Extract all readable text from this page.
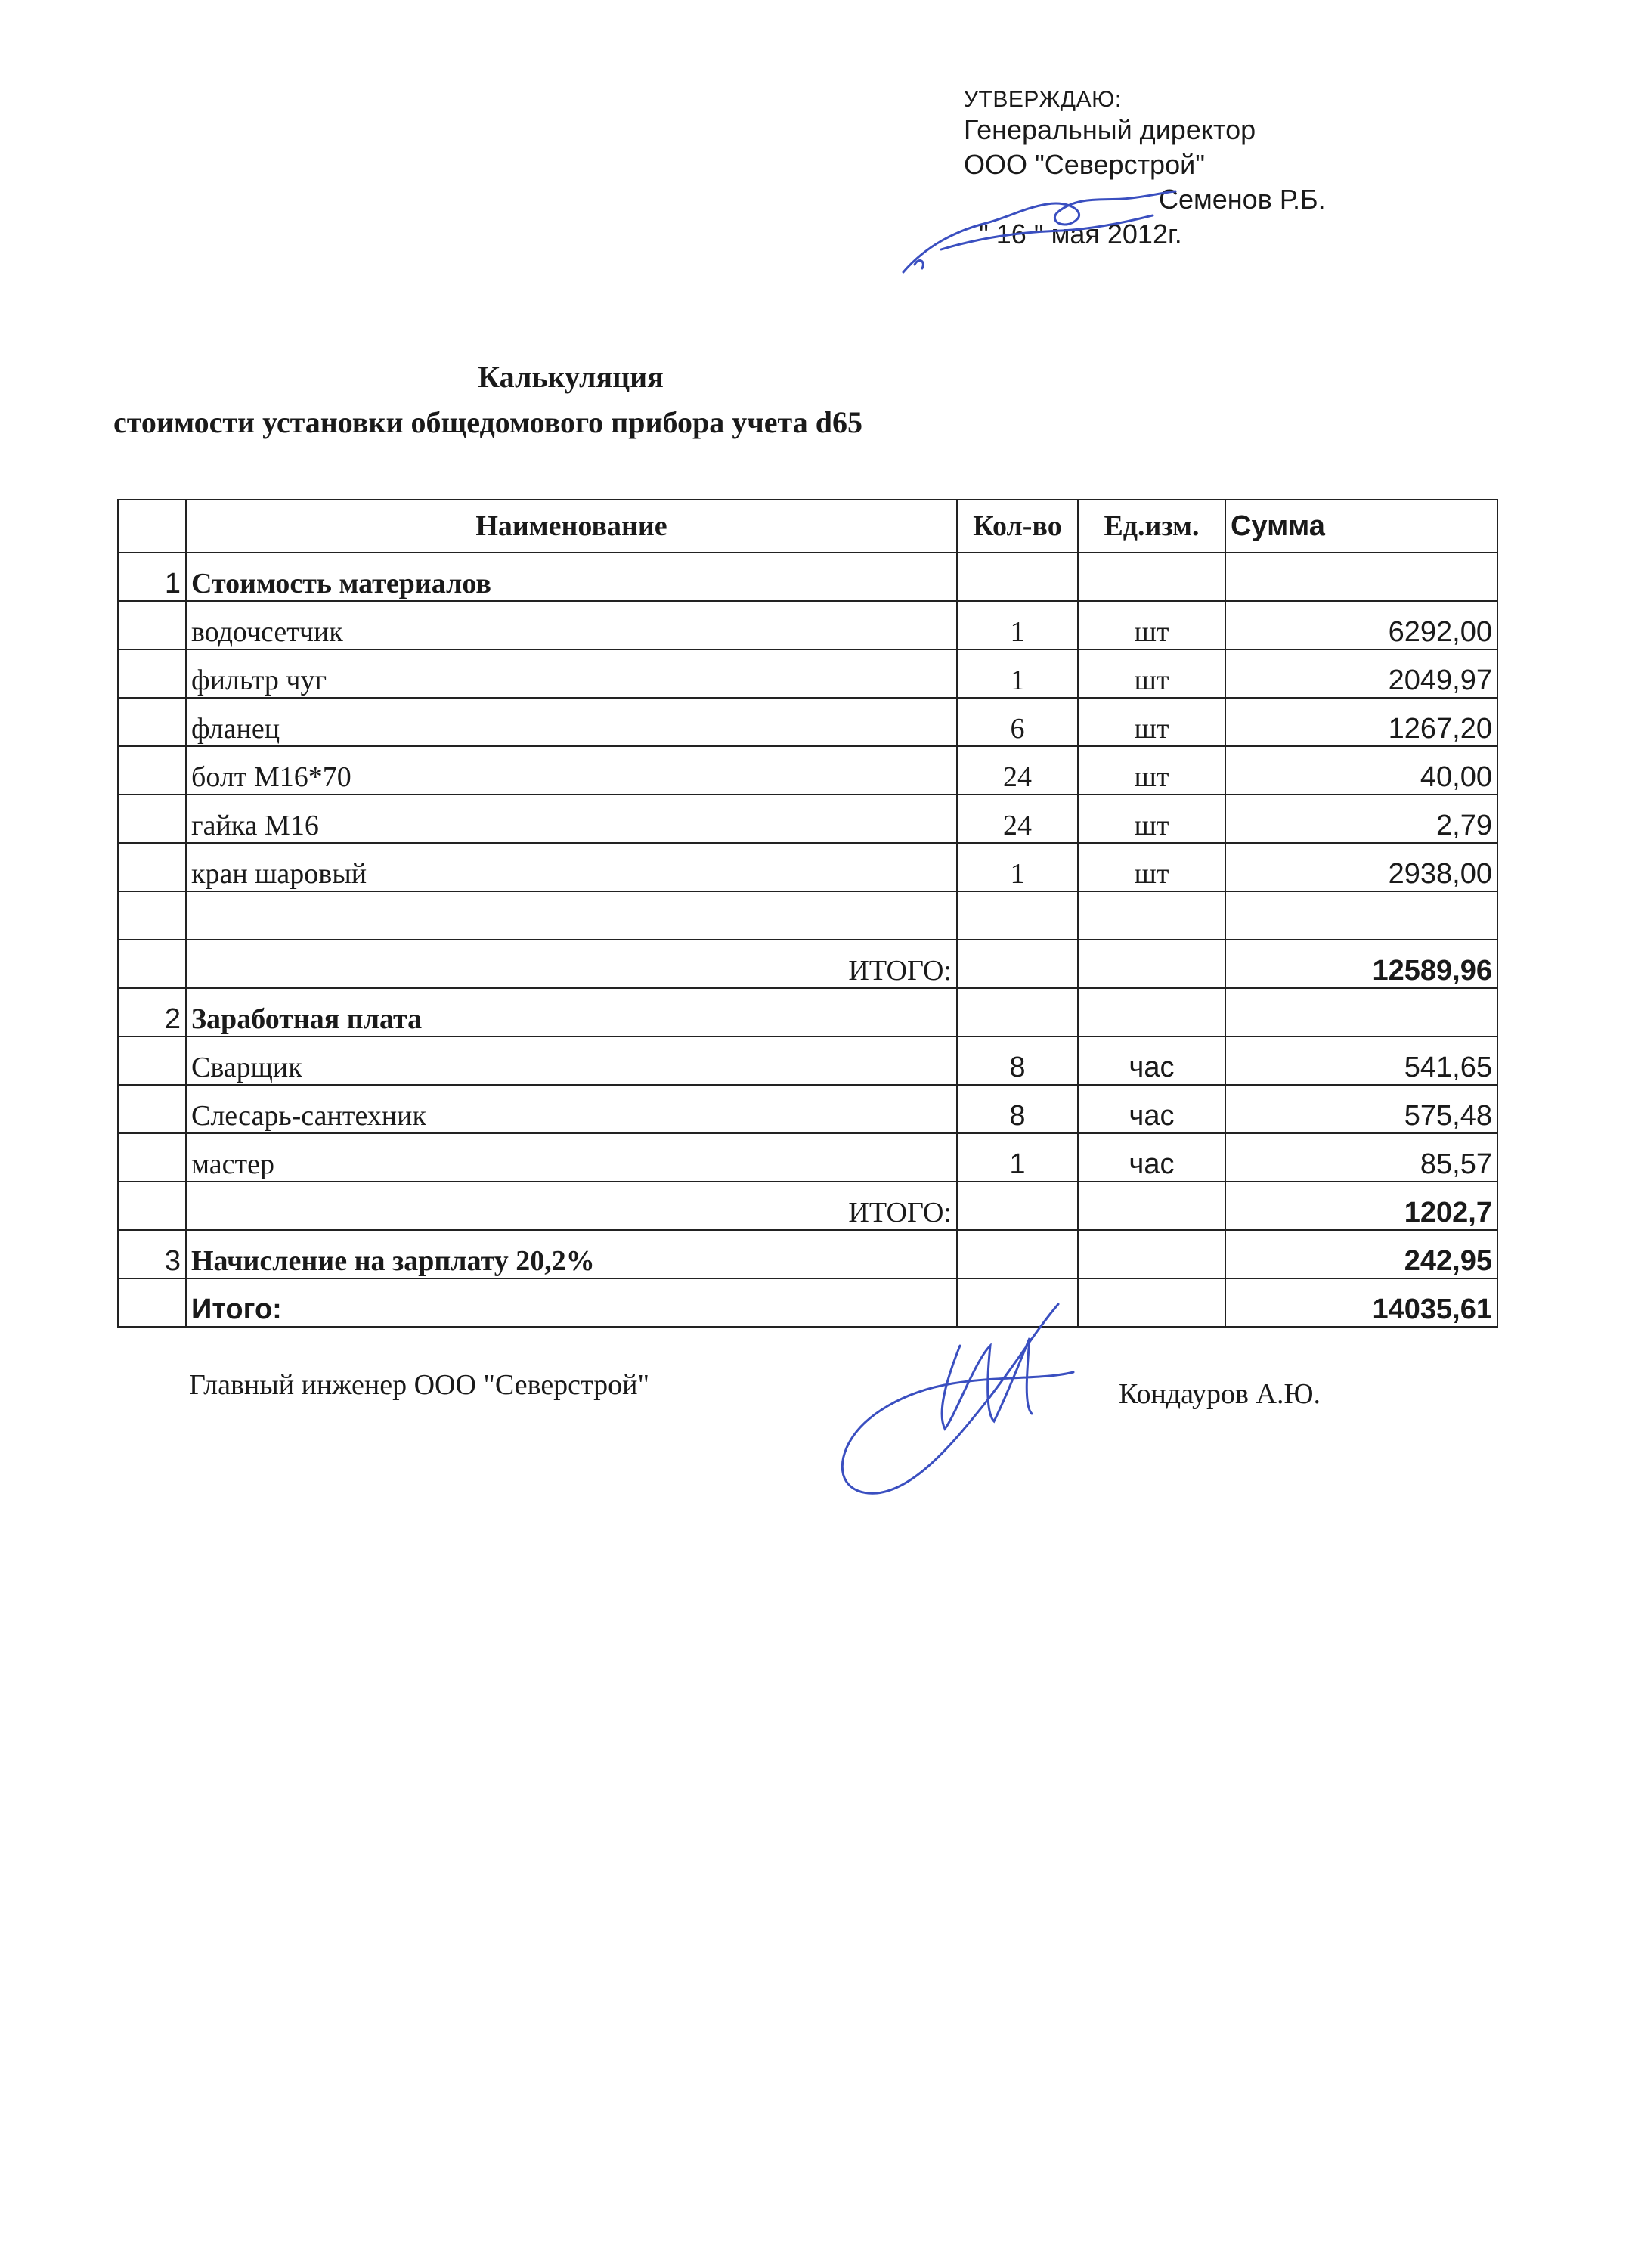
УТВЕРЖДАЮ:
Генеральный директор
ООО "Северстрой"
Семенов Р.Б.
" 16 " мая 2012г.
Калькуляция
стоимости установки общедомового прибора учета d65
	Наименование	Кол-во	Ед.изм.	Сумма
1	Стоимость материалов			
	водочсетчик	1	шт	6292,00
	фильтр чуг	1	шт	2049,97
	фланец	6	шт	1267,20
	болт М16*70	24	шт	40,00
	гайка М16	24	шт	2,79
	кран шаровый	1	шт	2938,00

	ИТОГО:			12589,96
2	Заработная плата			
	Сварщик	8	час	541,65
	Слесарь-сантехник	8	час	575,48
	мастер	1	час	85,57
	ИТОГО:			1202,7
3	Начисление на зарплату 20,2%			242,95
	Итого:			14035,61
Главный инженер ООО "Северстрой"	Кондауров А.Ю.
